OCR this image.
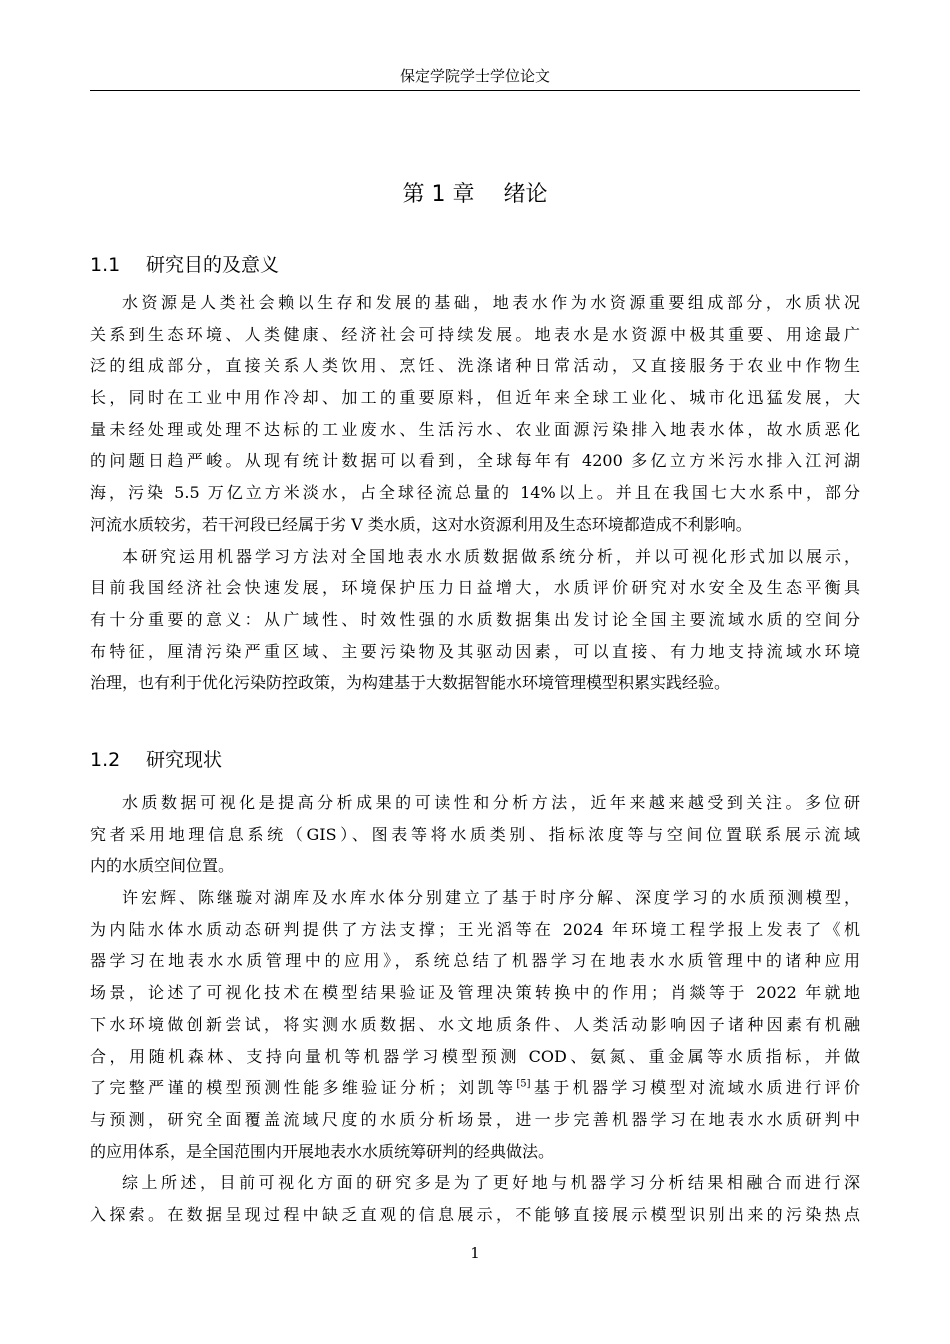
保定学院学士学位论文
第 1 章 　绪论
1.1 研究目的及意义
水资源是人类社会赖以生存和发展的基础，地表水作为水资源重要组成部分，水质状况
关系到生态环境、人类健康、经济社会可持续发展。地表水是水资源中极其重要、用途最广
泛的组成部分，直接关系人类饮用、烹饪、洗涤诸种日常活动，又直接服务于农业中作物生
长，同时在工业中用作冷却、加工的重要原料，但近年来全球工业化、城市化迅猛发展，大
量未经处理或处理不达标的工业废水、生活污水、农业面源污染排入地表水体，故水质恶化
的问题日趋严峻。从现有统计数据可以看到，全球每年有 4200 多亿立方米污水排入江河湖
海，污染 5.5 万亿立方米淡水，占全球径流总量的 14%以上。并且在我国七大水系中，部分
河流水质较劣，若干河段已经属于劣 V 类水质，这对水资源利用及生态环境都造成不利影响。
本研究运用机器学习方法对全国地表水水质数据做系统分析，并以可视化形式加以展示，
目前我国经济社会快速发展，环境保护压力日益增大，水质评价研究对水安全及生态平衡具
有十分重要的意义：从广域性、时效性强的水质数据集出发讨论全国主要流域水质的空间分
布特征，厘清污染严重区域、主要污染物及其驱动因素，可以直接、有力地支持流域水环境
治理，也有利于优化污染防控政策，为构建基于大数据智能水环境管理模型积累实践经验。
1.2 研究现状
水质数据可视化是提高分析成果的可读性和分析方法，近年来越来越受到关注。多位研
究者采用地理信息系统（GIS）、图表等将水质类别、指标浓度等与空间位置联系展示流域
内的水质空间位置。
许宏辉、陈继璇对湖库及水库水体分别建立了基于时序分解、深度学习的水质预测模型，
为内陆水体水质动态研判提供了方法支撑；王光滔等在 2024 年环境工程学报上发表了《机
器学习在地表水水质管理中的应用》，系统总结了机器学习在地表水水质管理中的诸种应用
场景，论述了可视化技术在模型结果验证及管理决策转换中的作用；肖燚等于 2022 年就地
下水环境做创新尝试，将实测水质数据、水文地质条件、人类活动影响因子诸种因素有机融
合，用随机森林、支持向量机等机器学习模型预测 COD、氨氮、重金属等水质指标，并做
了完整严谨的模型预测性能多维验证分析；刘凯等[5]基于机器学习模型对流域水质进行评价
与预测，研究全面覆盖流域尺度的水质分析场景，进一步完善机器学习在地表水水质研判中
的应用体系，是全国范围内开展地表水水质统筹研判的经典做法。
综上所述，目前可视化方面的研究多是为了更好地与机器学习分析结果相融合而进行深
入探索。在数据呈现过程中缺乏直观的信息展示，不能够直接展示模型识别出来的污染热点
1
